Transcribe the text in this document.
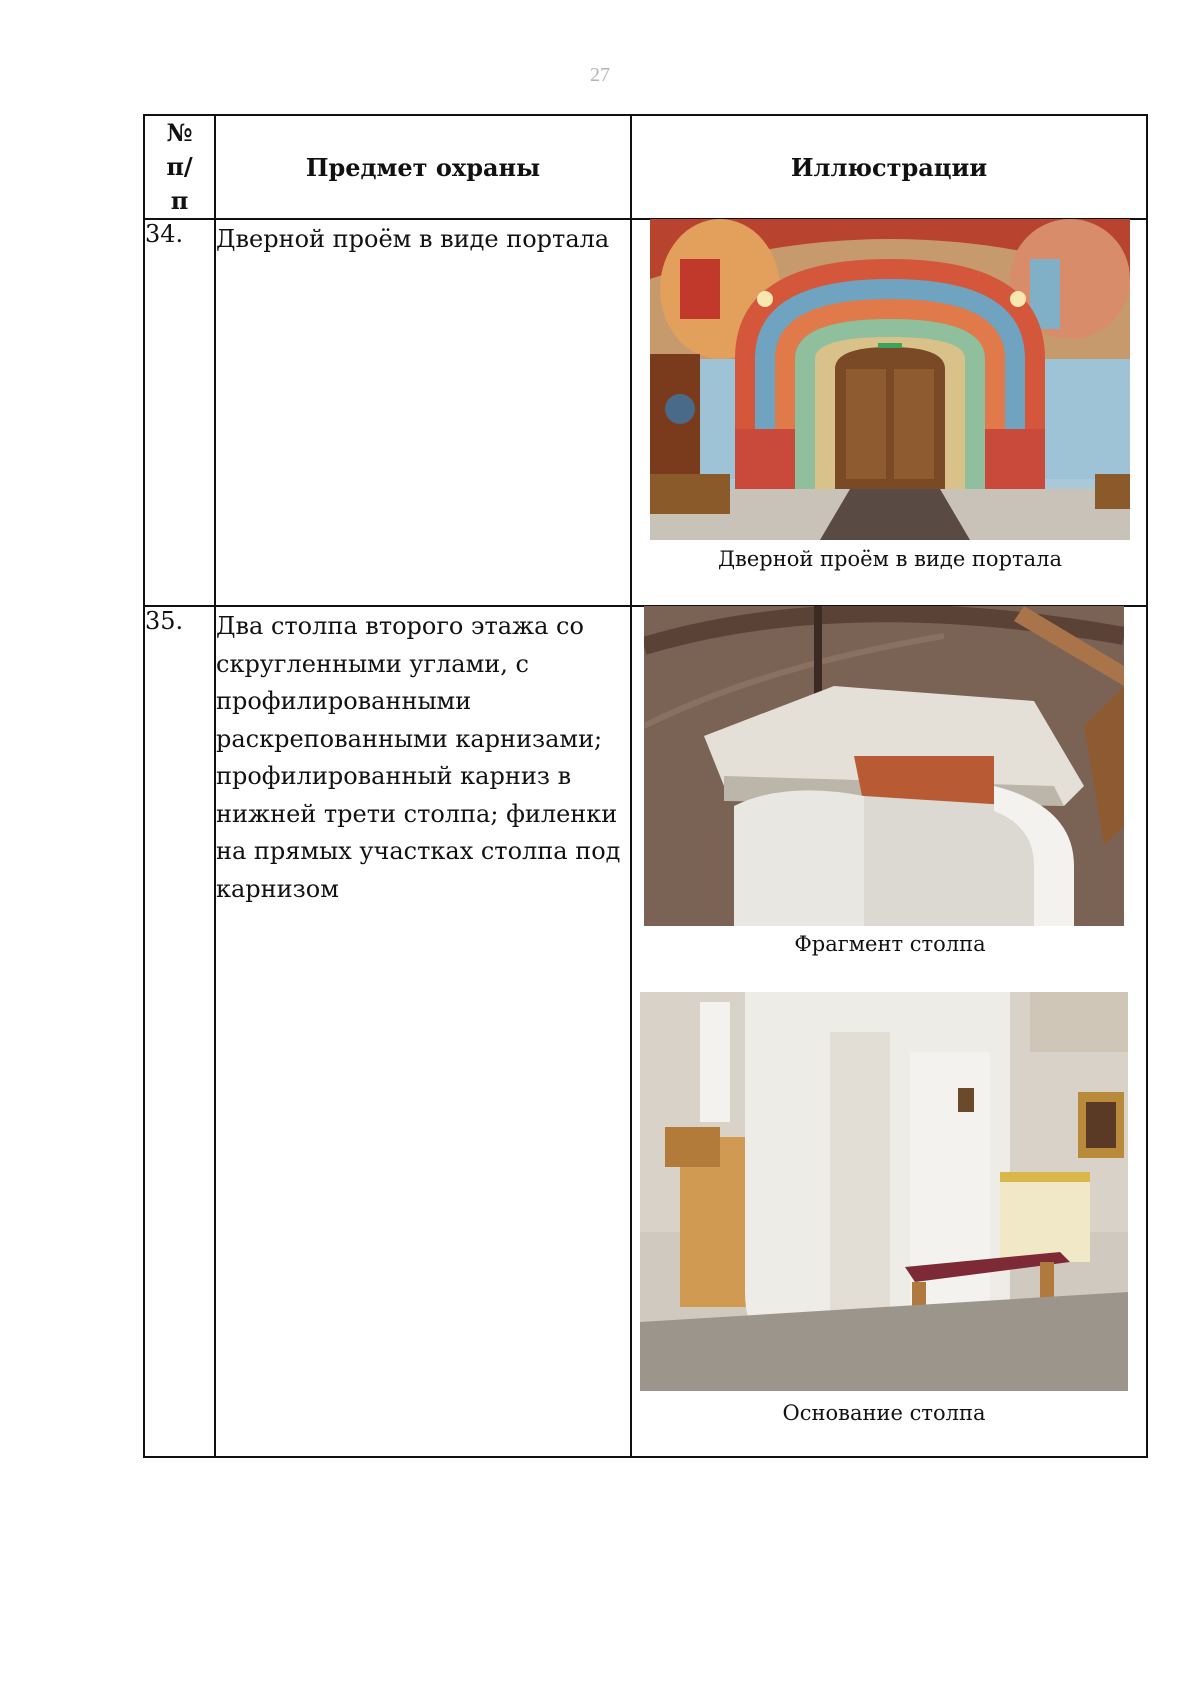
27
№ п/п	Предмет охраны	Иллюстрации
34.	Дверной проём в виде портала	Дверной проём в виде портала

35.	Два столпа второго этажа со скругленными углами, с профилированными раскрепованными карнизами; профилированный карниз в нижней трети столпа; филенки на прямых участках столпа под карнизом	Фрагмент столпа
Основание столпа
